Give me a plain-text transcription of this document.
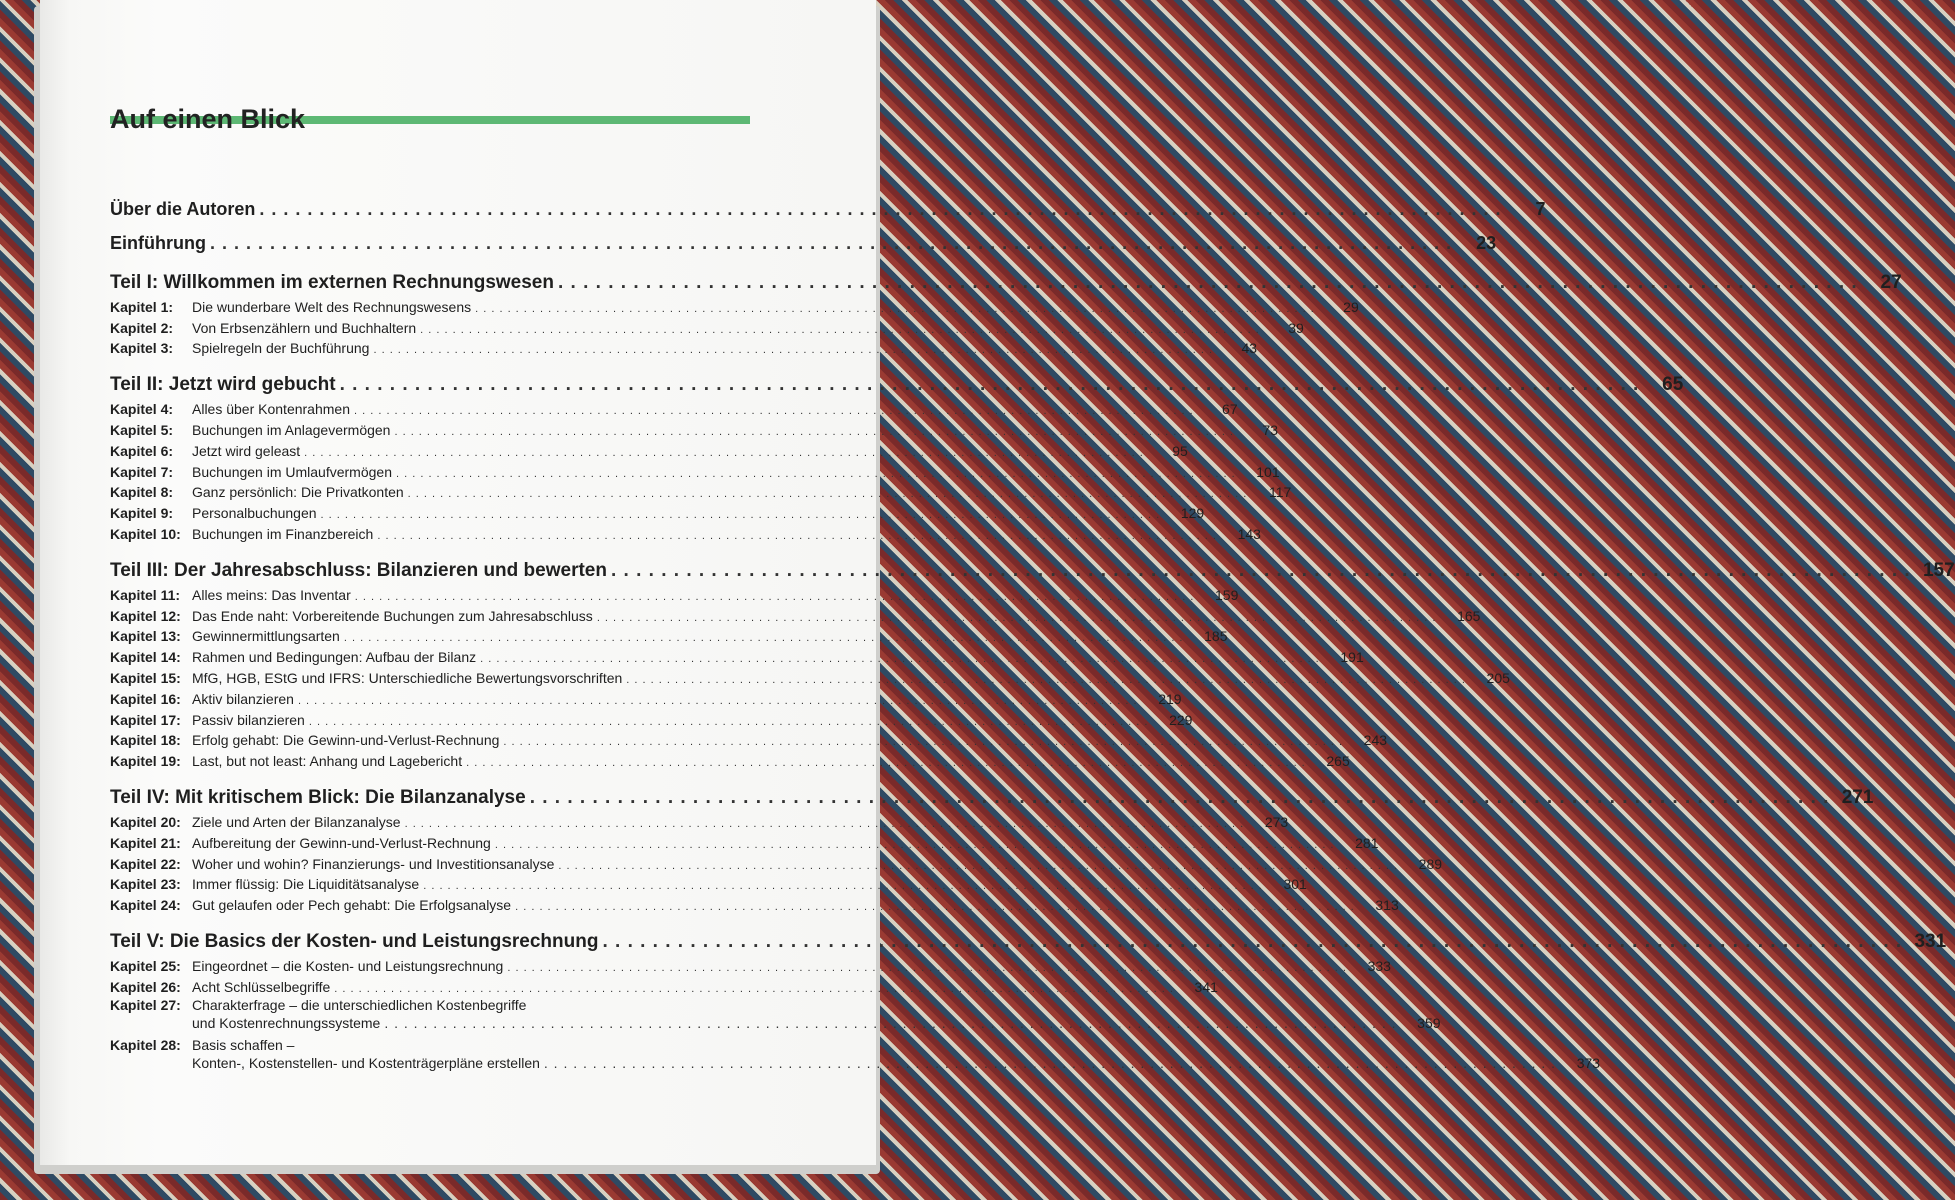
Auf einen Blick
Über die Autoren . . .	7
Einführung . . .	23
Teil I: Willkommen im externen Rechnungswesen . . .	27
Kapitel 1:	Die wunderbare Welt des Rechnungswesens . . .	29
Kapitel 2:	Von Erbsenzählern und Buchhaltern . . .	39
Kapitel 3:	Spielregeln der Buchführung . . .	43
Teil II: Jetzt wird gebucht . . .	65
Kapitel 4:	Alles über Kontenrahmen . . .	67
Kapitel 5:	Buchungen im Anlagevermögen . . .	73
Kapitel 6:	Jetzt wird geleast . . .	95
Kapitel 7:	Buchungen im Umlaufvermögen . . .	101
Kapitel 8:	Ganz persönlich: Die Privatkonten . . .	117
Kapitel 9:	Personalbuchungen . . .	129
Kapitel 10: Buchungen im Finanzbereich . . .	143
Teil III: Der Jahresabschluss: Bilanzieren und bewerten . . .	157
Kapitel 11: Alles meins: Das Inventar . . .	159
Kapitel 12: Das Ende naht: Vorbereitende Buchungen zum Jahresabschluss . . .	165
Kapitel 13: Gewinnermittlungsarten . . .	185
Kapitel 14: Rahmen und Bedingungen: Aufbau der Bilanz . . .	191
Kapitel 15: MfG, HGB, EStG und IFRS: Unterschiedliche Bewertungsvorschriften . . .	205
Kapitel 16: Aktiv bilanzieren . . .	219
Kapitel 17: Passiv bilanzieren . . .	229
Kapitel 18: Erfolg gehabt: Die Gewinn-und-Verlust-Rechnung . . .	243
Kapitel 19: Last, but not least: Anhang und Lagebericht . . .	265
Teil IV: Mit kritischem Blick: Die Bilanzanalyse . . .	271
Kapitel 20: Ziele und Arten der Bilanzanalyse . . .	273
Kapitel 21: Aufbereitung der Gewinn-und-Verlust-Rechnung . . .	281
Kapitel 22: Woher und wohin? Finanzierungs- und Investitionsanalyse . . .	289
Kapitel 23: Immer flüssig: Die Liquiditätsanalyse . . .	301
Kapitel 24: Gut gelaufen oder Pech gehabt: Die Erfolgsanalyse . . .	313
Teil V: Die Basics der Kosten- und Leistungsrechnung . . .	331
Kapitel 25: Eingeordnet – die Kosten- und Leistungsrechnung . . .	333
Kapitel 26: Acht Schlüsselbegriffe . . .	341
Kapitel 27: Charakterfrage – die unterschiedlichen Kostenbegriffe
und Kostenrechnungssysteme . . .	359
Kapitel 28: Basis schaffen –
Konten-, Kostenstellen- und Kostenträgerpläne erstellen . . .	373
